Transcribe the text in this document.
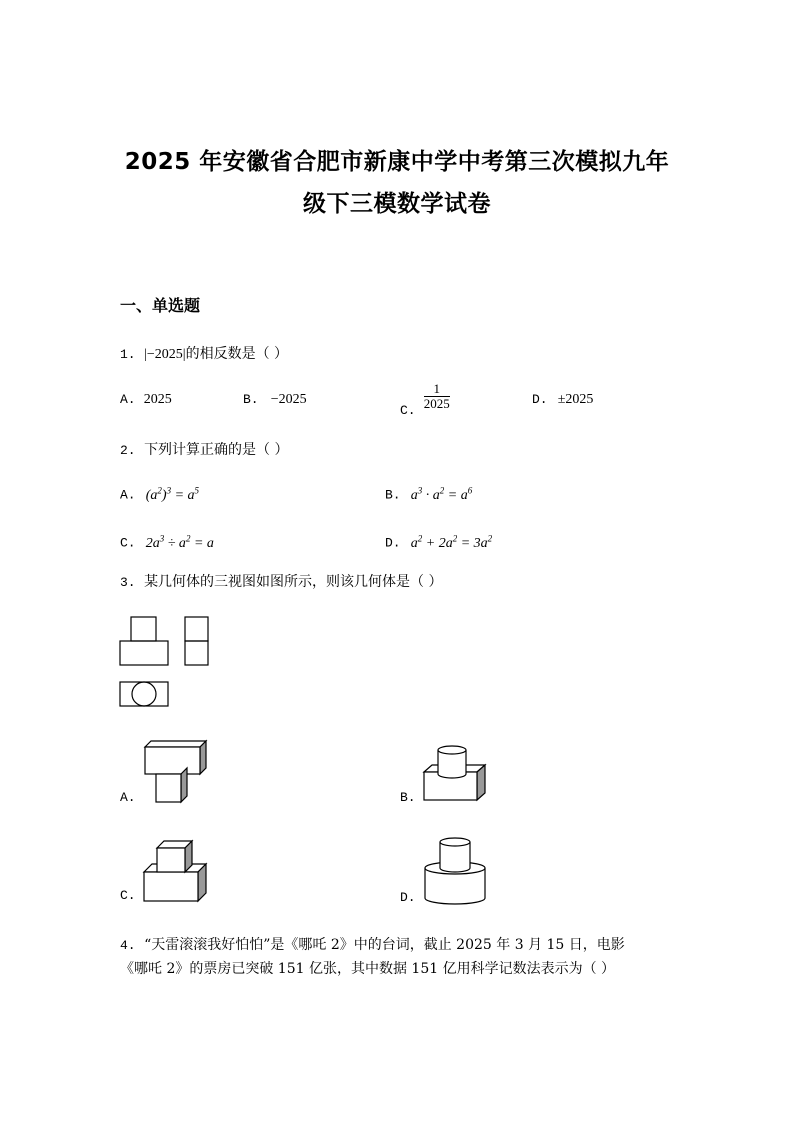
2025 年安徽省合肥市新康中学中考第三次模拟九年
级下三模数学试卷
一、单选题
1. |−2025|的相反数是（ ）
A. 2025	B. −2025
C. $\frac{1}{2025}$	D. ±2025
2. 下列计算正确的是（ ）
A. $(a^2)^3 = a^5$	B. $a^3 \cdot a^2 = a^6$
C. $2a^3 \div a^2 = a$	D. $a^2 + 2a^2 = 3a^2$
3. 某几何体的三视图如图所示，则该几何体是（ ）
A.	B.
C.	D.
4. “天雷滚滚我好怕怕”是《哪吒 2》中的台词，截止 2025 年 3 月 15 日，电影
《哪吒 2》的票房已突破 151 亿张，其中数据 151 亿用科学记数法表示为（ ）
